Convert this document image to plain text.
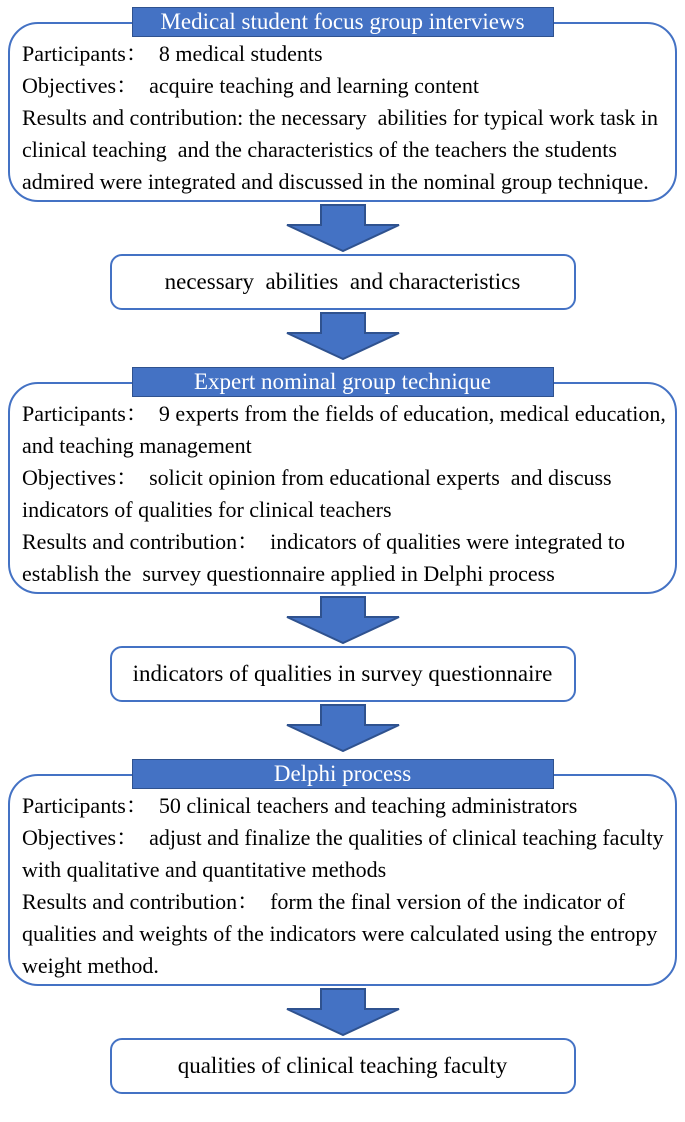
Medical student focus group interviews

Participants：  8 medical students

Objectives：  acquire teaching and learning content

Results and contribution: the necessary  abilities for typical work task in clinical teaching  and the characteristics of the teachers the students admired were integrated and discussed in the nominal group technique.

necessary  abilities  and characteristics
Expert nominal group technique

Participants：  9 experts from the fields of education, medical education, and teaching management

Objectives：  solicit opinion from educational experts  and discuss indicators of qualities for clinical teachers

Results and contribution：  indicators of qualities were integrated to establish the  survey questionnaire applied in Delphi process

indicators of qualities in survey questionnaire
Delphi process

Participants：  50 clinical teachers and teaching administrators

Objectives：  adjust and finalize the qualities of clinical teaching faculty with qualitative and quantitative methods

Results and contribution：  form the final version of the indicator of qualities and weights of the indicators were calculated using the entropy weight method.

qualities of clinical teaching faculty
